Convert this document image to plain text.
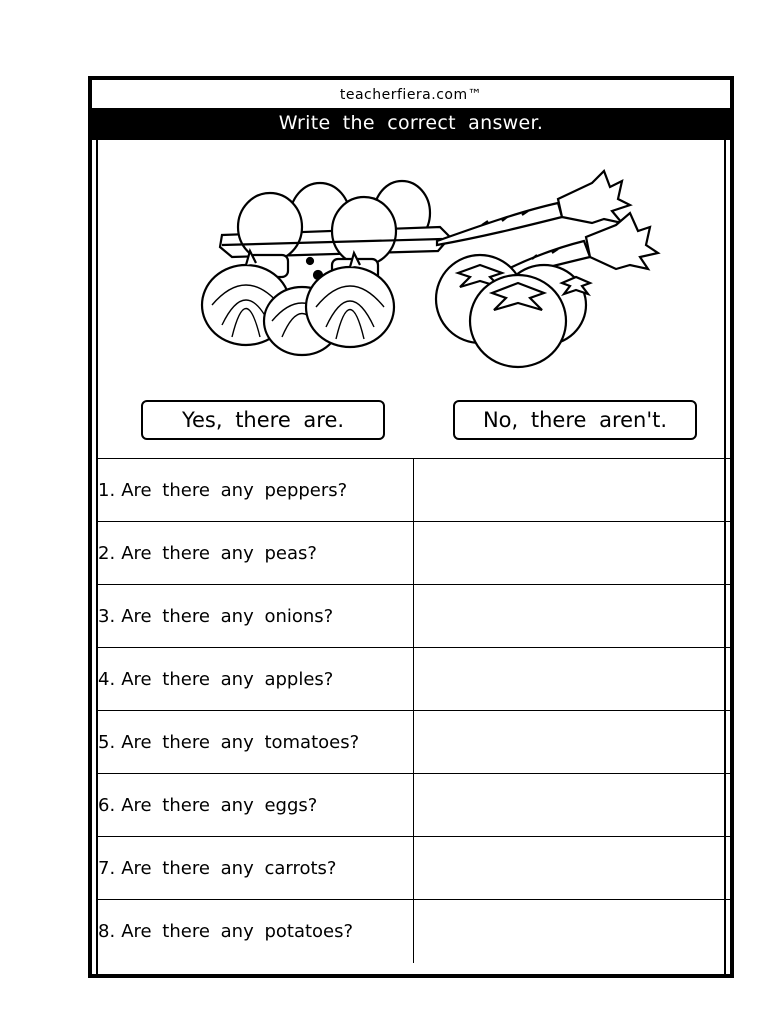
teacherfiera.com™
Write the correct answer.
Yes, there are.	No, there aren't.
1. Are there any peppers?	
2. Are there any peas?	
3. Are there any onions?	
4. Are there any apples?	
5. Are there any tomatoes?	
6. Are there any eggs?	
7. Are there any carrots?	
8. Are there any potatoes?	
